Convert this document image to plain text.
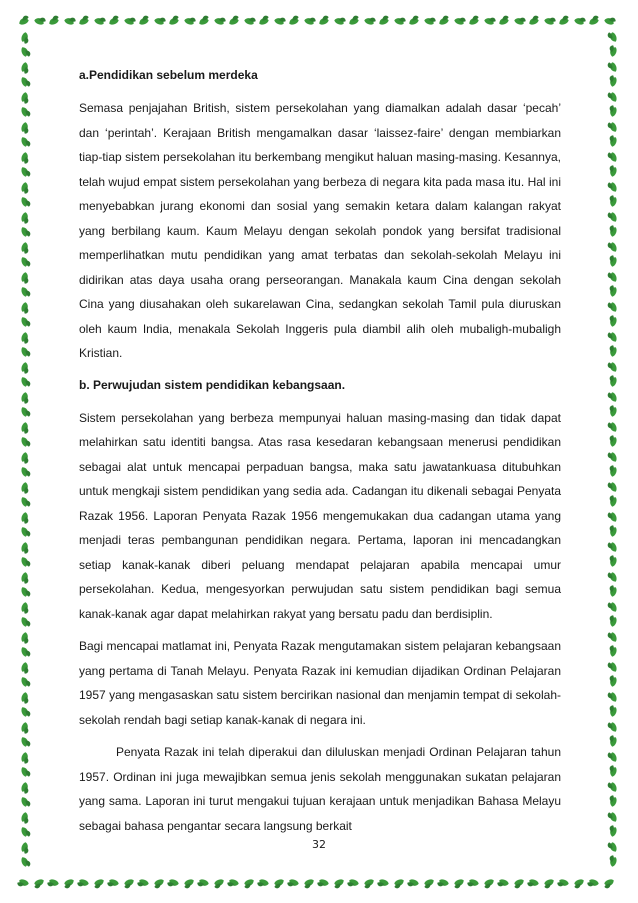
a.Pendidikan sebelum merdeka

Semasa penjajahan British, sistem persekolahan yang diamalkan adalah dasar ‘pecah’ dan ‘perintah’. Kerajaan British mengamalkan dasar ‘laissez-faire’ dengan membiarkan tiap-tiap sistem persekolahan itu berkembang mengikut haluan masing-masing. Kesannya, telah wujud empat sistem persekolahan yang berbeza di negara kita pada masa itu. Hal ini menyebabkan jurang ekonomi dan sosial yang semakin ketara dalam kalangan rakyat yang berbilang kaum. Kaum Melayu dengan sekolah pondok yang bersifat tradisional memperlihatkan mutu pendidikan yang amat terbatas dan sekolah-sekolah Melayu ini didirikan atas daya usaha orang perseorangan. Manakala kaum Cina dengan sekolah Cina yang diusahakan oleh sukarelawan Cina, sedangkan sekolah Tamil pula diuruskan oleh kaum India, menakala Sekolah Inggeris pula diambil alih oleh mubaligh-mubaligh Kristian.

b. Perwujudan sistem pendidikan kebangsaan.

Sistem persekolahan yang berbeza mempunyai haluan masing-masing dan tidak dapat melahirkan satu identiti bangsa. Atas rasa kesedaran kebangsaan menerusi pendidikan sebagai alat untuk mencapai perpaduan bangsa, maka satu jawatankuasa ditubuhkan untuk mengkaji sistem pendidikan yang sedia ada. Cadangan itu dikenali sebagai Penyata Razak 1956. Laporan Penyata Razak 1956 mengemukakan dua cadangan utama yang menjadi teras pembangunan pendidikan negara. Pertama, laporan ini mencadangkan setiap kanak-kanak diberi peluang mendapat pelajaran apabila mencapai umur persekolahan. Kedua, mengesyorkan perwujudan satu sistem pendidikan bagi semua kanak-kanak agar dapat melahirkan rakyat yang bersatu padu dan berdisiplin.

Bagi mencapai matlamat ini, Penyata Razak mengutamakan sistem pelajaran kebangsaan yang pertama di Tanah Melayu. Penyata Razak ini kemudian dijadikan Ordinan Pelajaran 1957 yang mengasaskan satu sistem bercirikan nasional dan menjamin tempat di sekolah-sekolah rendah bagi setiap kanak-kanak di negara ini.

Penyata Razak ini telah diperakui dan diluluskan menjadi Ordinan Pelajaran tahun 1957. Ordinan ini juga mewajibkan semua jenis sekolah menggunakan sukatan pelajaran yang sama. Laporan ini turut mengakui tujuan kerajaan untuk menjadikan Bahasa Melayu sebagai bahasa pengantar secara langsung berkait

32
